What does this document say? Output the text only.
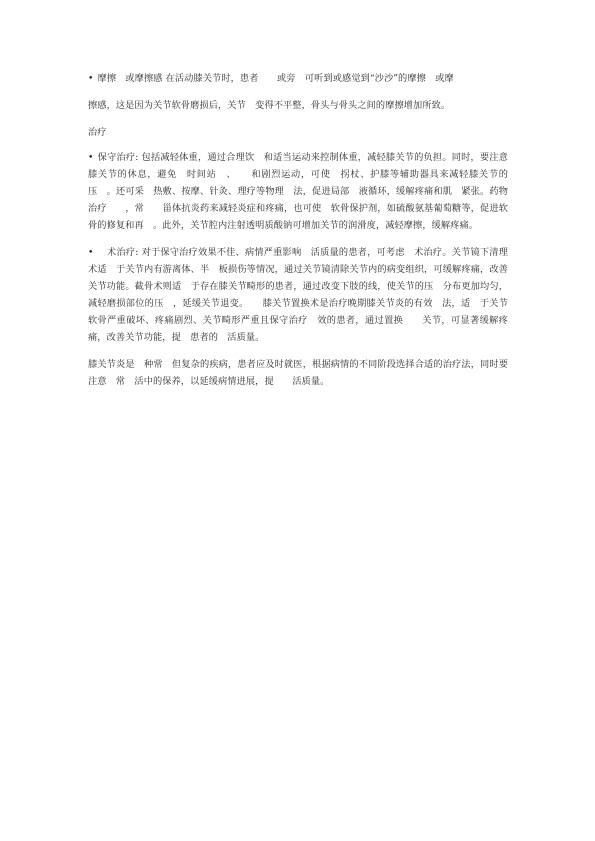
• 摩擦　或摩擦感 在活动膝关节时，患者　　或旁　可听到或感觉到“沙沙”的摩擦　或摩

擦感，这是因为关节软骨磨损后，关节　变得不平整，骨头与骨头之间的摩擦增加所致。

治疗

• 保守治疗: 包括减轻体重，通过合理饮　和适当运动来控制体重，减轻膝关节的负担。同时，要注意膝关节的休息，避免　时间站　、　　和剧烈运动，可使　拐杖、护膝等辅助器具来减轻膝关节的压　。还可采　热敷、按摩、针灸、理疗等物理　法，促进局部　液循环，缓解疼痛和肌　紧张。药物治疗　　，常　　甾体抗炎药来减轻炎症和疼痛，也可使　软骨保护剂，如硫酸氨基葡萄糖等，促进软骨的修复和再　。此外，关节腔内注射透明质酸钠可增加关节的润滑度，减轻摩擦，缓解疼痛。

•　术治疗: 对于保守治疗效果不佳、病情严重影响　活质量的患者，可考虑　术治疗。关节镜下清理术适　于关节内有游离体、半　板损伤等情况，通过关节镜清除关节内的病变组织，可缓解疼痛，改善关节功能。截骨术则适　于存在膝关节畸形的患者，通过改变下肢的线，使关节的压　分布更加均匀，减轻磨损部位的压　，延缓关节退变。　　膝关节置换术是治疗晚期膝关节炎的有效　法，适　于关节软骨严重破坏、疼痛剧烈、关节畸形严重且保守治疗　效的患者，通过置换　　关节，可显著缓解疼痛，改善关节功能，提　患者的　活质量。

膝关节炎是　种常　但复杂的疾病，患者应及时就医，根据病情的不同阶段选择合适的治疗法，同时要注意　常　活中的保养，以延缓病情进展，提　　活质量。
